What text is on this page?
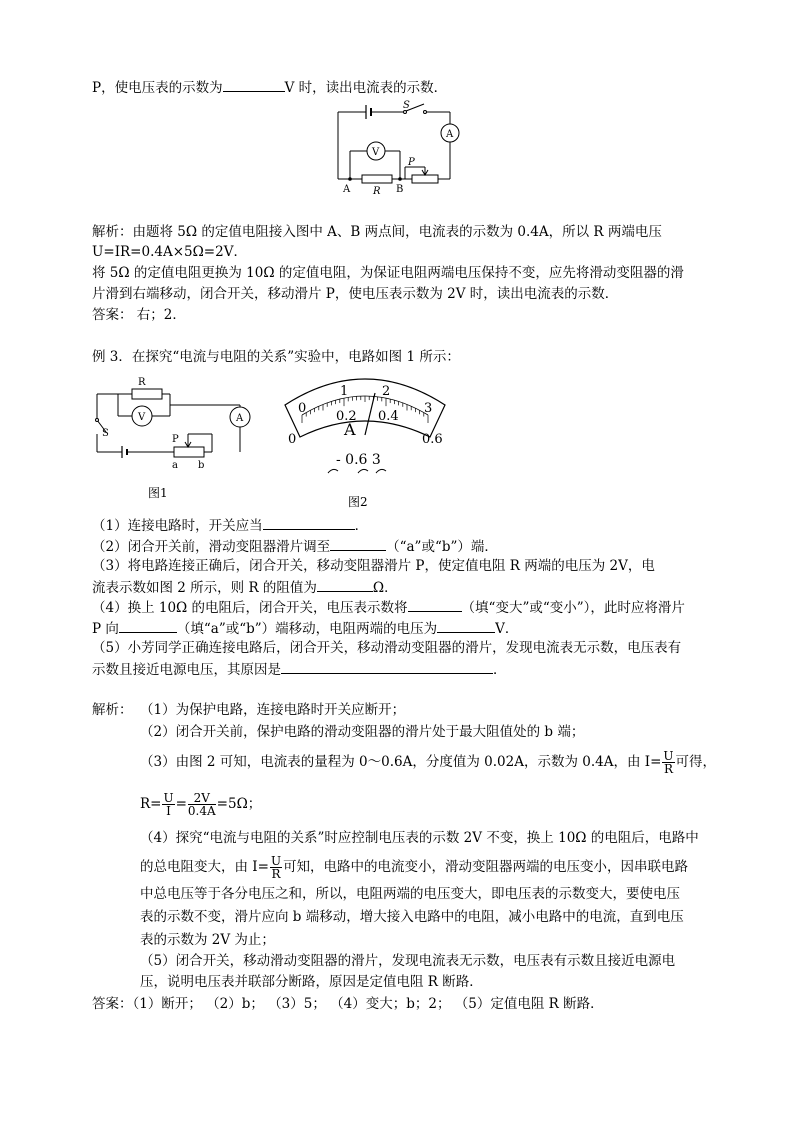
P，使电压表的示数为	V 时，读出电流表的示数．
S
A
V
P
A R B
解析：由题将 5Ω 的定值电阻接入图中 A、B 两点间，电流表的示数为 0.4A，所以 R 两端电压
U=IR=0.4A×5Ω=2V．
将 5Ω 的定值电阻更换为 10Ω 的定值电阻，为保证电阻两端电压保持不变，应先将滑动变阻器的滑
片滑到右端移动，闭合开关，移动滑片 P，使电压表示数为 2V 时，读出电流表的示数．
答案： 右；2．
例 3．在探究“电流与电阻的关系”实验中，电路如图 1 所示：
R
V	A
S
P
a b
图1
0
1	2
3
0
0.2 0.4
0.6
A
- 0.6 3
图2
（1）连接电路时，开关应当	．
（2）闭合开关前，滑动变阻器滑片调至	（“a”或“b”）端．
（3）将电路连接正确后，闭合开关，移动变阻器滑片 P，使定值电阻 R 两端的电压为 2V，电
流表示数如图 2 所示，则 R 的阻值为	Ω．
（4）换上 10Ω 的电阻后，闭合开关，电压表示数将	（填“变大”或“变小”），此时应将滑片
P 向	（填“a”或“b”）端移动，电阻两端的电压为	V．
（5）小芳同学正确连接电路后，闭合开关，移动滑动变阻器的滑片，发现电流表无示数，电压表有
示数且接近电源电压，其原因是	．
解析： （1）为保护电路，连接电路时开关应断开；
（2）闭合开关前，保护电路的滑动变阻器的滑片处于最大阻值处的 b 端；
（3）由图 2 可知，电流表的量程为 0～0.6A，分度值为 0.02A，示数为 0.4A，由 $I= \frac{U}{R}$ 可得，
$R= \frac{U}{I} = \frac{2V}{0.4A} =5\Omega$；
（4）探究“电流与电阻的关系”时应控制电压表的示数 2V 不变，换上 10Ω 的电阻后，电路中
的总电阻变大，由 $I= \frac{U}{R}$ 可知，电路中的电流变小，滑动变阻器两端的电压变小，因串联电路
中总电压等于各分电压之和，所以，电阻两端的电压变大，即电压表的示数变大，要使电压
表的示数不变，滑片应向 b 端移动，增大接入电路中的电阻，减小电路中的电流，直到电压
表的示数为 2V 为止；
（5）闭合开关，移动滑动变阻器的滑片，发现电流表无示数，电压表有示数且接近电源电
压，说明电压表并联部分断路，原因是定值电阻 R 断路．
答案：（1）断开； （2）b； （3）5； （4）变大；b；2； （5）定值电阻 R 断路．
